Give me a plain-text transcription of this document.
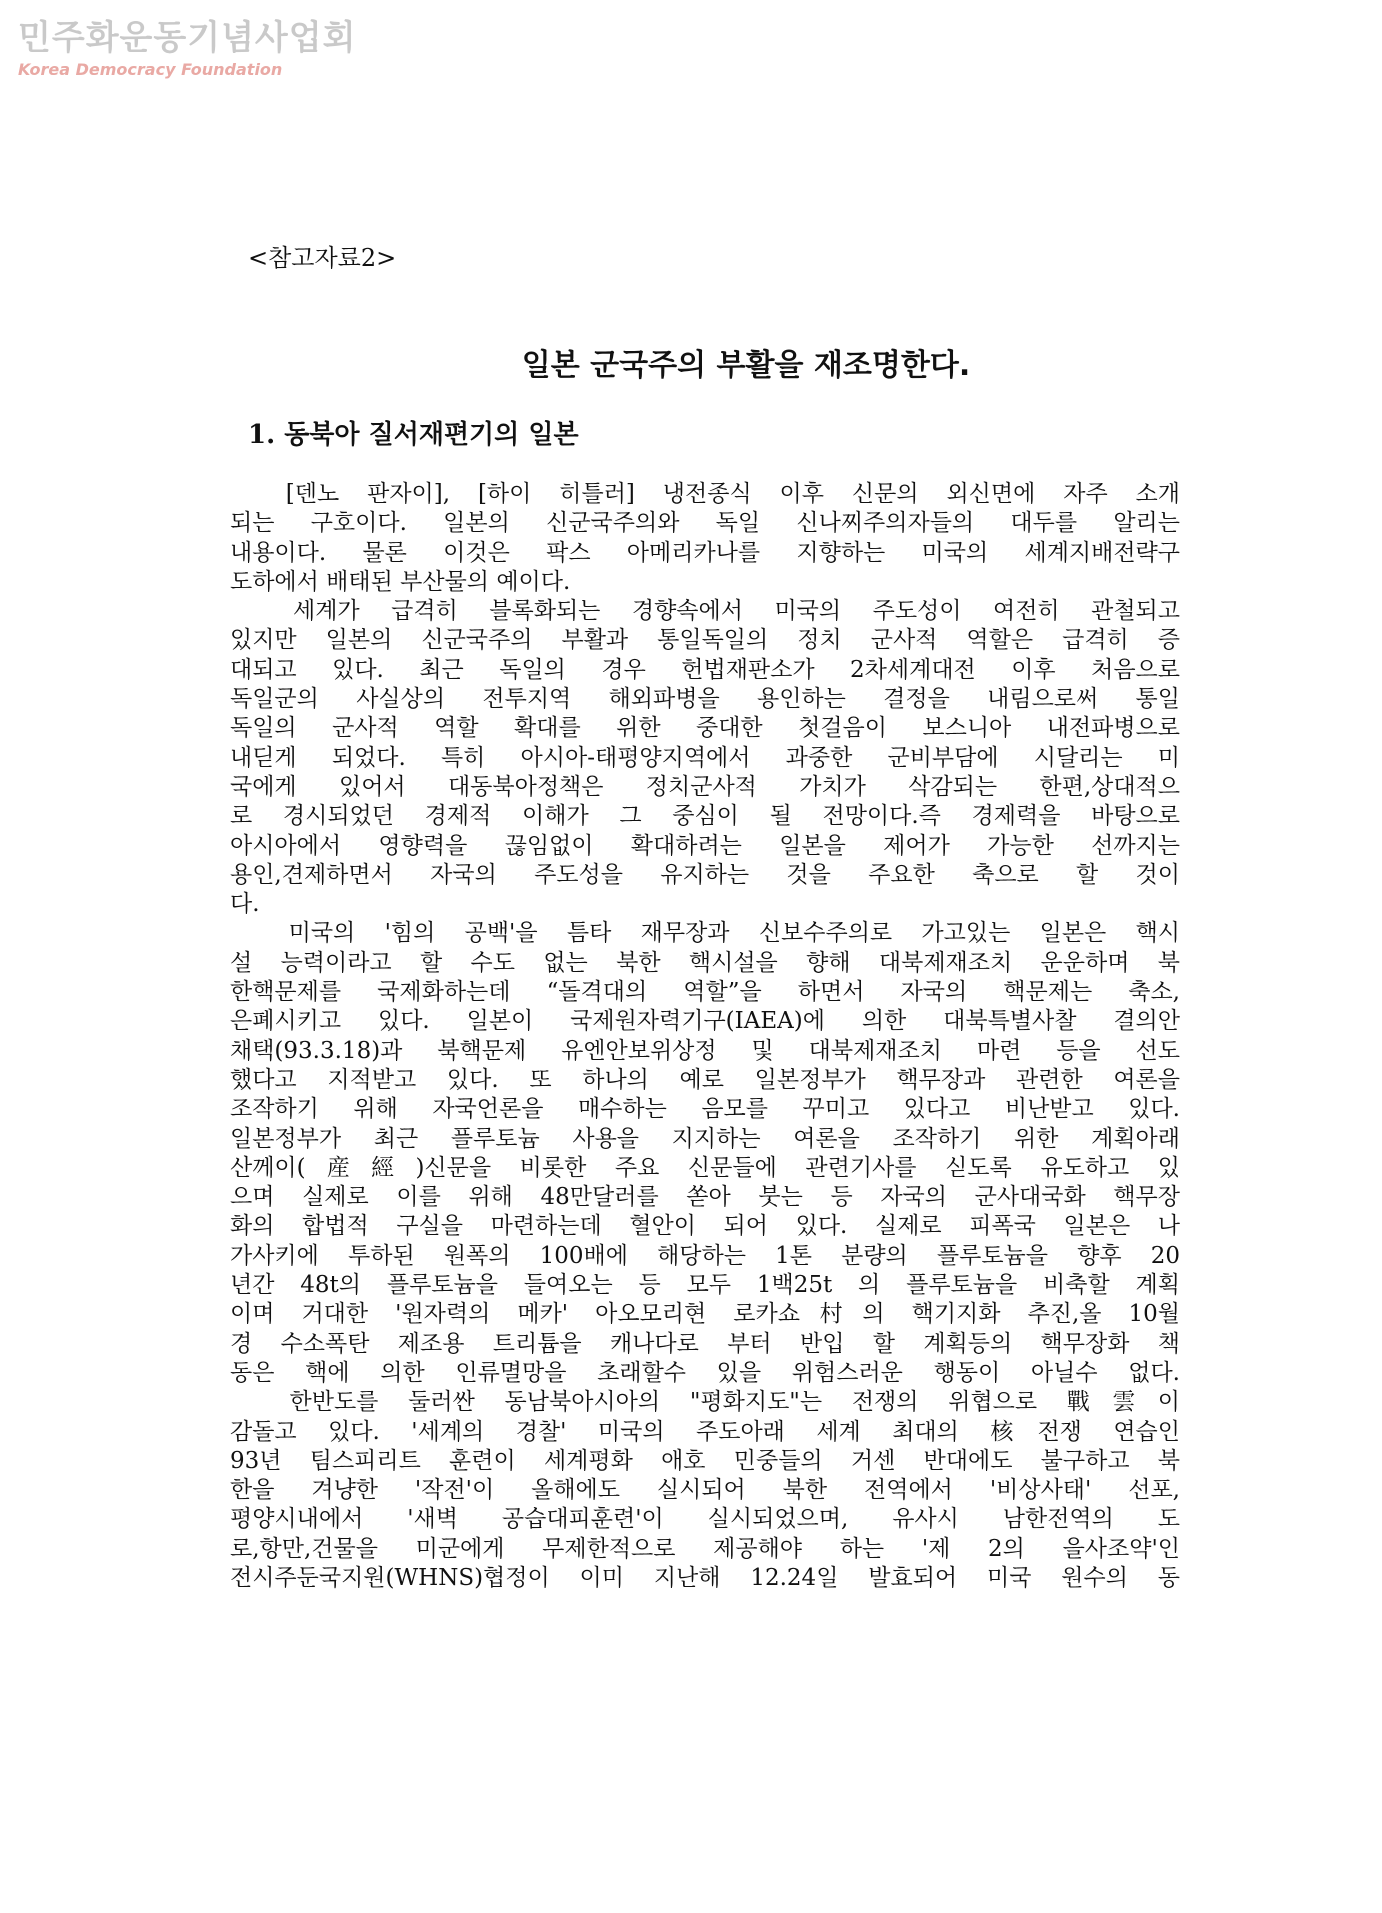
민주화운동기념사업회
Korea Democracy Foundation
<참고자료2>
일본 군국주의 부활을 재조명한다.
1. 동북아 질서재편기의 일본
[덴노 판자이], [하이 히틀러] 냉전종식 이후 신문의 외신면에 자주 소개
되는 구호이다. 일본의 신군국주의와 독일 신나찌주의자들의 대두를 알리는
내용이다. 물론 이것은 팍스 아메리카나를 지향하는 미국의 세계지배전략구
도하에서 배태된 부산물의 예이다.
세계가 급격히 블록화되는 경향속에서 미국의 주도성이 여전히 관철되고
있지만 일본의 신군국주의 부활과 통일독일의 정치 군사적 역할은 급격히 증
대되고 있다. 최근 독일의 경우 헌법재판소가 2차세계대전 이후 처음으로
독일군의 사실상의 전투지역 해외파병을 용인하는 결정을 내림으로써 통일
독일의 군사적 역할 확대를 위한 중대한 첫걸음이 보스니아 내전파병으로
내딛게 되었다. 특히 아시아-태평양지역에서 과중한 군비부담에 시달리는 미
국에게 있어서 대동북아정책은 정치군사적 가치가 삭감되는 한편,상대적으
로 경시되었던 경제적 이해가 그 중심이 될 전망이다.즉 경제력을 바탕으로
아시아에서 영향력을 끊임없이 확대하려는 일본을 제어가 가능한 선까지는
용인,견제하면서 자국의 주도성을 유지하는 것을 주요한 축으로 할 것이
다.
미국의 '힘의 공백'을 틈타 재무장과 신보수주의로 가고있는 일본은 핵시
설 능력이라고 할 수도 없는 북한 핵시설을 향해 대북제재조치 운운하며 북
한핵문제를 국제화하는데 “돌격대의 역할”을 하면서 자국의 핵문제는 축소,
은폐시키고 있다. 일본이 국제원자력기구(IAEA)에 의한 대북특별사찰 결의안
채택(93.3.18)과 북핵문제 유엔안보위상정 및 대북제재조치 마련 등을 선도
했다고 지적받고 있다. 또 하나의 예로 일본정부가 핵무장과 관련한 여론을
조작하기 위해 자국언론을 매수하는 음모를 꾸미고 있다고 비난받고 있다.
일본정부가 최근 플루토늄 사용을 지지하는 여론을 조작하기 위한 계획아래
산께이(産經)신문을 비롯한 주요 신문들에 관련기사를 싣도록 유도하고 있
으며 실제로 이를 위해 48만달러를 쏟아 붓는 등 자국의 군사대국화 핵무장
화의 합법적 구실을 마련하는데 혈안이 되어 있다. 실제로 피폭국 일본은 나
가사키에 투하된 원폭의 100배에 해당하는 1톤 분량의 플루토늄을 향후 20
년간 48t의 플루토늄을 들여오는 등 모두 1백25t 의 플루토늄을 비축할 계획
이며 거대한 '원자력의 메카' 아오모리현 로카쇼村의 핵기지화 추진,올 10월
경 수소폭탄 제조용 트리튬을 캐나다로 부터 반입 할 계획등의 핵무장화 책
동은 핵에 의한 인류멸망을 초래할수 있을 위험스러운 행동이 아닐수 없다.
한반도를 둘러싼 동남북아시아의 "평화지도"는 전쟁의 위협으로 戰雲이
감돌고 있다. '세계의 경찰' 미국의 주도아래 세계 최대의 核전쟁 연습인
93년 팀스피리트 훈련이 세계평화 애호 민중들의 거센 반대에도 불구하고 북
한을 겨냥한 '작전'이 올해에도 실시되어 북한 전역에서 '비상사태' 선포,
평양시내에서 '새벽 공습대피훈련'이 실시되었으며, 유사시 남한전역의 도
로,항만,건물을 미군에게 무제한적으로 제공해야 하는 '제 2의 을사조약'인
전시주둔국지원(WHNS)협정이 이미 지난해 12.24일 발효되어 미국 원수의 동
